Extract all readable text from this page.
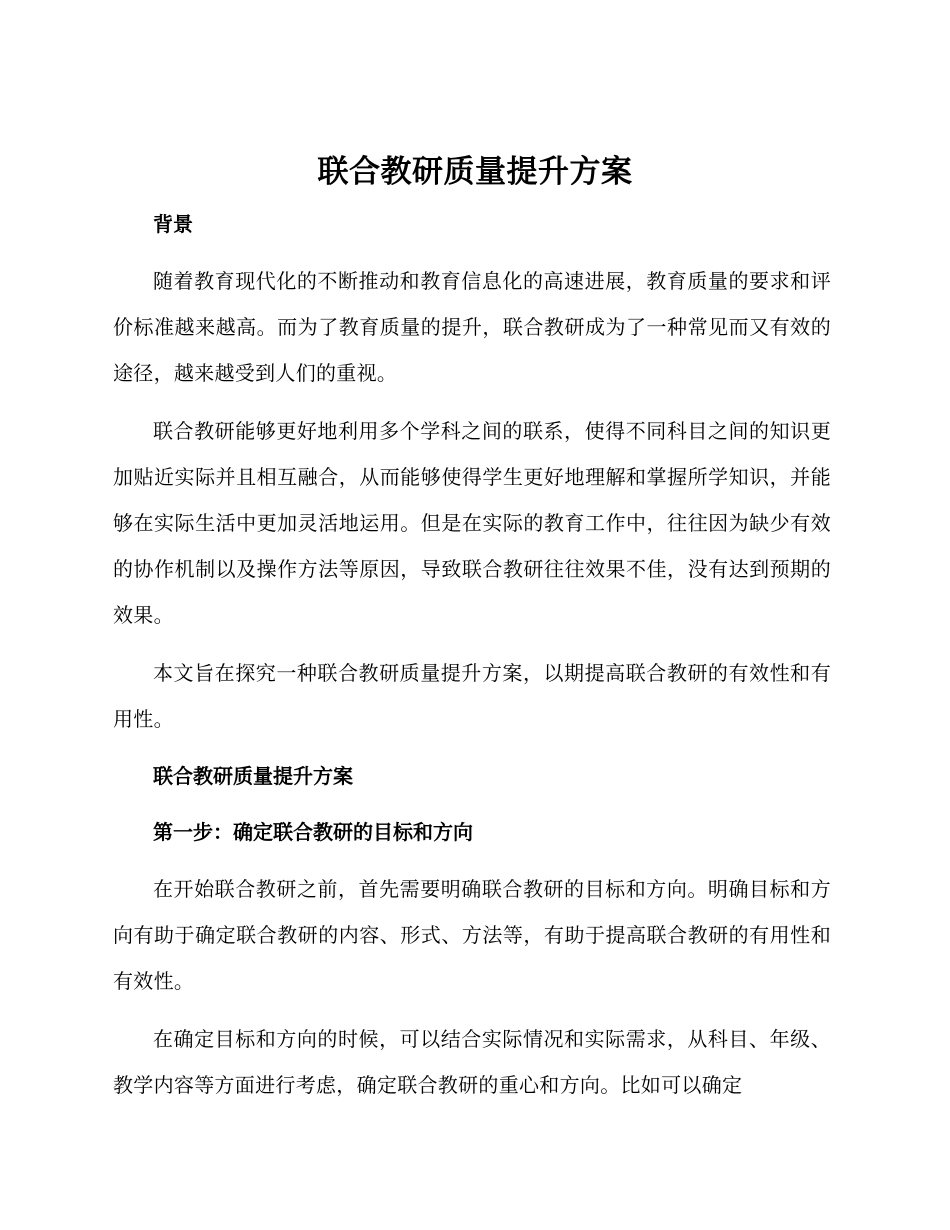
联合教研质量提升方案
背景

随着教育现代化的不断推动和教育信息化的高速进展，教育质量的要求和评价标准越来越高。而为了教育质量的提升，联合教研成为了一种常见而又有效的途径，越来越受到人们的重视。

联合教研能够更好地利用多个学科之间的联系，使得不同科目之间的知识更加贴近实际并且相互融合，从而能够使得学生更好地理解和掌握所学知识，并能够在实际生活中更加灵活地运用。但是在实际的教育工作中，往往因为缺少有效的协作机制以及操作方法等原因，导致联合教研往往效果不佳，没有达到预期的效果。

本文旨在探究一种联合教研质量提升方案，以期提高联合教研的有效性和有用性。

联合教研质量提升方案
第一步：确定联合教研的目标和方向

在开始联合教研之前，首先需要明确联合教研的目标和方向。明确目标和方向有助于确定联合教研的内容、形式、方法等，有助于提高联合教研的有用性和有效性。

在确定目标和方向的时候，可以结合实际情况和实际需求，从科目、年级、教学内容等方面进行考虑，确定联合教研的重心和方向。比如可以确定
